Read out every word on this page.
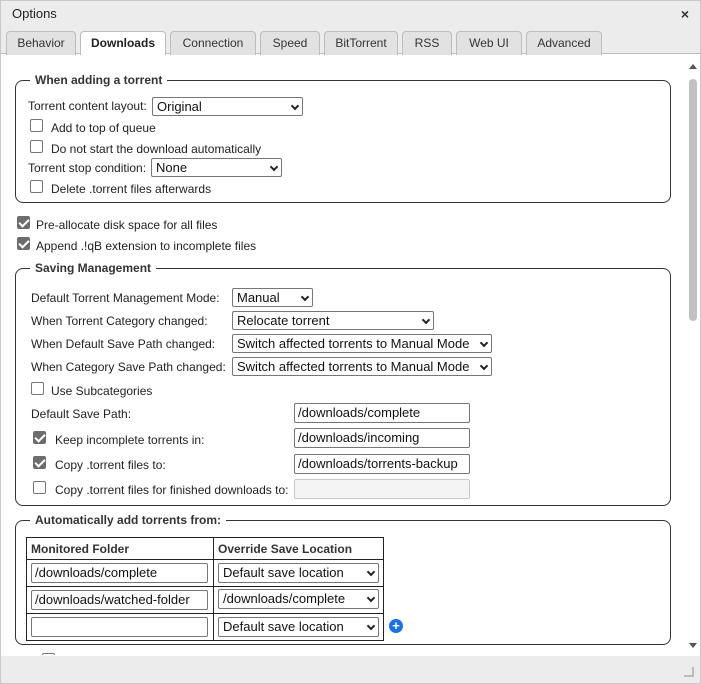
Options	×
Behavior	Downloads	Connection	Speed	BitTorrent	RSS	Web UI	Advanced
When adding a torrent
Torrent content layout: Original
Add to top of queue
Do not start the download automatically
Torrent stop condition: None
Delete .torrent files afterwards
Pre-allocate disk space for all files
Append .!qB extension to incomplete files
Saving Management
Default Torrent Management Mode:	Manual
When Torrent Category changed:	Relocate torrent
When Default Save Path changed:	Switch affected torrents to Manual Mode
When Category Save Path changed: Switch affected torrents to Manual Mode
Use Subcategories
Default Save Path:	/downloads/complete
Keep incomplete torrents in:	/downloads/incoming
Copy .torrent files to:	/downloads/torrents-backup
Copy .torrent files for finished downloads to:
Automatically add torrents from:
Monitored Folder	Override Save Location

/downloads/complete	Default save location

/downloads/watched-folder	/downloads/complete

	Default save location	+
